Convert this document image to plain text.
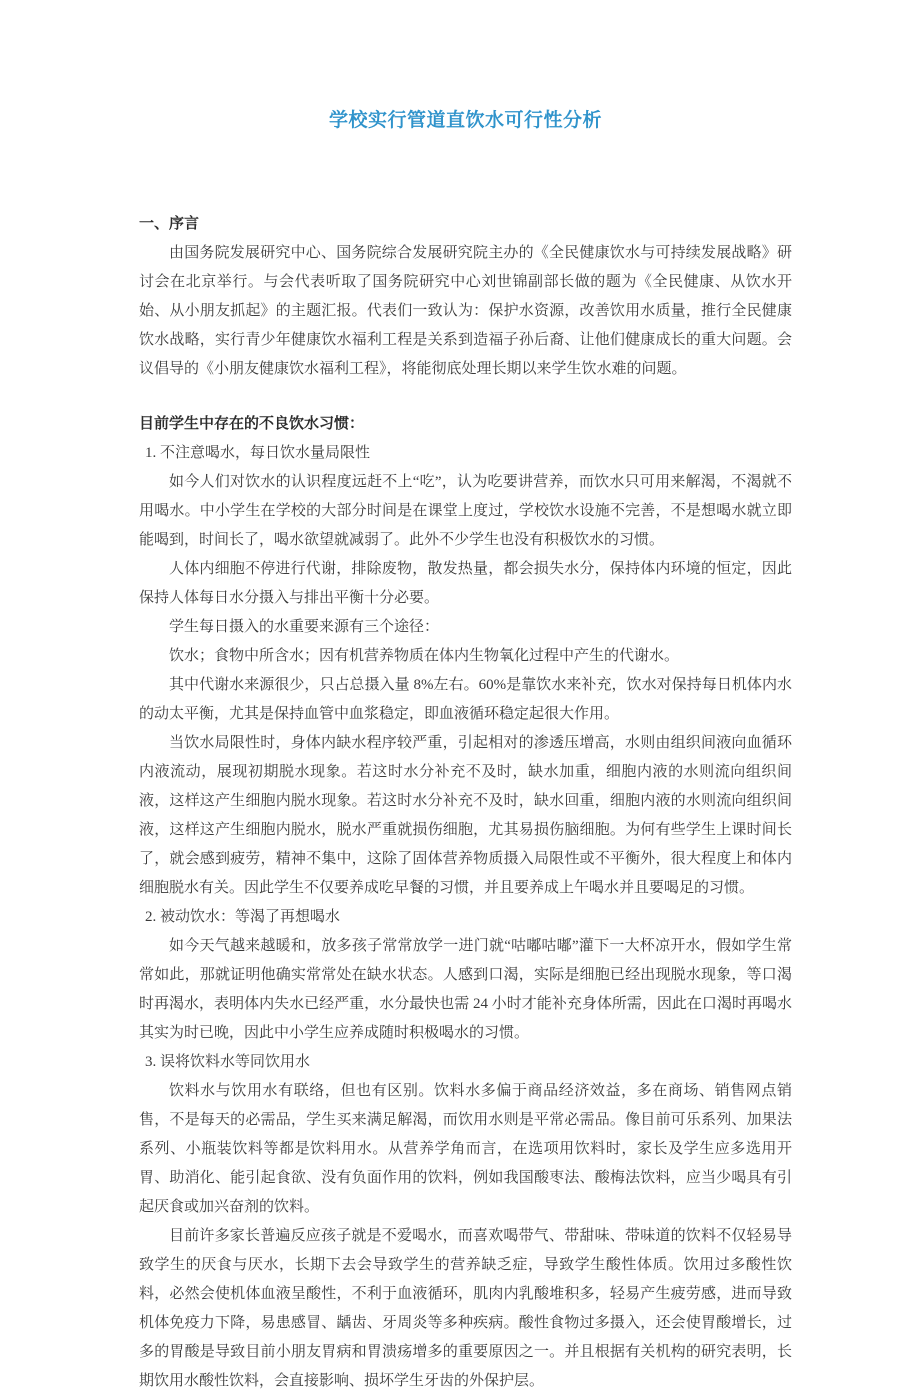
学校实行管道直饮水可行性分析
一、序言

由国务院发展研究中心、国务院综合发展研究院主办的《全民健康饮水与可持续发展战略》研讨会在北京举行。与会代表听取了国务院研究中心刘世锦副部长做的题为《全民健康、从饮水开始、从小朋友抓起》的主题汇报。代表们一致认为：保护水资源，改善饮用水质量，推行全民健康饮水战略，实行青少年健康饮水福利工程是关系到造福子孙后裔、让他们健康成长的重大问题。会议倡导的《小朋友健康饮水福利工程》，将能彻底处理长期以来学生饮水难的问题。

目前学生中存在的不良饮水习惯：

1. 不注意喝水，每日饮水量局限性

如今人们对饮水的认识程度远赶不上“吃”，认为吃要讲营养，而饮水只可用来解渴，不渴就不用喝水。中小学生在学校的大部分时间是在课堂上度过，学校饮水设施不完善，不是想喝水就立即能喝到，时间长了，喝水欲望就减弱了。此外不少学生也没有积极饮水的习惯。

人体内细胞不停进行代谢，排除废物，散发热量，都会损失水分，保持体内环境的恒定，因此保持人体每日水分摄入与排出平衡十分必要。

学生每日摄入的水重要来源有三个途径：

饮水；食物中所含水；因有机营养物质在体内生物氧化过程中产生的代谢水。

其中代谢水来源很少，只占总摄入量 8%左右。60%是靠饮水来补充，饮水对保持每日机体内水的动太平衡，尤其是保持血管中血浆稳定，即血液循环稳定起很大作用。

当饮水局限性时，身体内缺水程序较严重，引起相对的渗透压增高，水则由组织间液向血循环内液流动，展现初期脱水现象。若这时水分补充不及时，缺水加重，细胞内液的水则流向组织间液，这样这产生细胞内脱水现象。若这时水分补充不及时，缺水回重，细胞内液的水则流向组织间液，这样这产生细胞内脱水，脱水严重就损伤细胞，尤其易损伤脑细胞。为何有些学生上课时间长了，就会感到疲劳，精神不集中，这除了固体营养物质摄入局限性或不平衡外，很大程度上和体内细胞脱水有关。因此学生不仅要养成吃早餐的习惯，并且要养成上午喝水并且要喝足的习惯。

2. 被动饮水：等渴了再想喝水

如今天气越来越暖和，放多孩子常常放学一进门就“咕嘟咕嘟”灌下一大杯凉开水，假如学生常常如此，那就证明他确实常常处在缺水状态。人感到口渴，实际是细胞已经出现脱水现象，等口渴时再渴水，表明体内失水已经严重，水分最快也需 24 小时才能补充身体所需，因此在口渴时再喝水其实为时已晚，因此中小学生应养成随时积极喝水的习惯。

3. 误将饮料水等同饮用水

饮料水与饮用水有联络，但也有区别。饮料水多偏于商品经济效益，多在商场、销售网点销售，不是每天的必需品，学生买来满足解渴，而饮用水则是平常必需品。像目前可乐系列、加果法系列、小瓶装饮料等都是饮料用水。从营养学角而言，在选项用饮料时，家长及学生应多选用开胃、助消化、能引起食欲、没有负面作用的饮料，例如我国酸枣法、酸梅法饮料，应当少喝具有引起厌食或加兴奋剂的饮料。

目前许多家长普遍反应孩子就是不爱喝水，而喜欢喝带气、带甜味、带味道的饮料不仅轻易导致学生的厌食与厌水，长期下去会导致学生的营养缺乏症，导致学生酸性体质。饮用过多酸性饮料，必然会使机体血液呈酸性，不利于血液循环，肌肉内乳酸堆积多，轻易产生疲劳感，进而导致机体免疫力下降，易患感冒、龋齿、牙周炎等多种疾病。酸性食物过多摄入，还会使胃酸增长，过多的胃酸是导致目前小朋友胃病和胃溃疡增多的重要原因之一。并且根据有关机构的研究表明，长期饮用水酸性饮料，会直接影响、损坏学生牙齿的外保护层。
